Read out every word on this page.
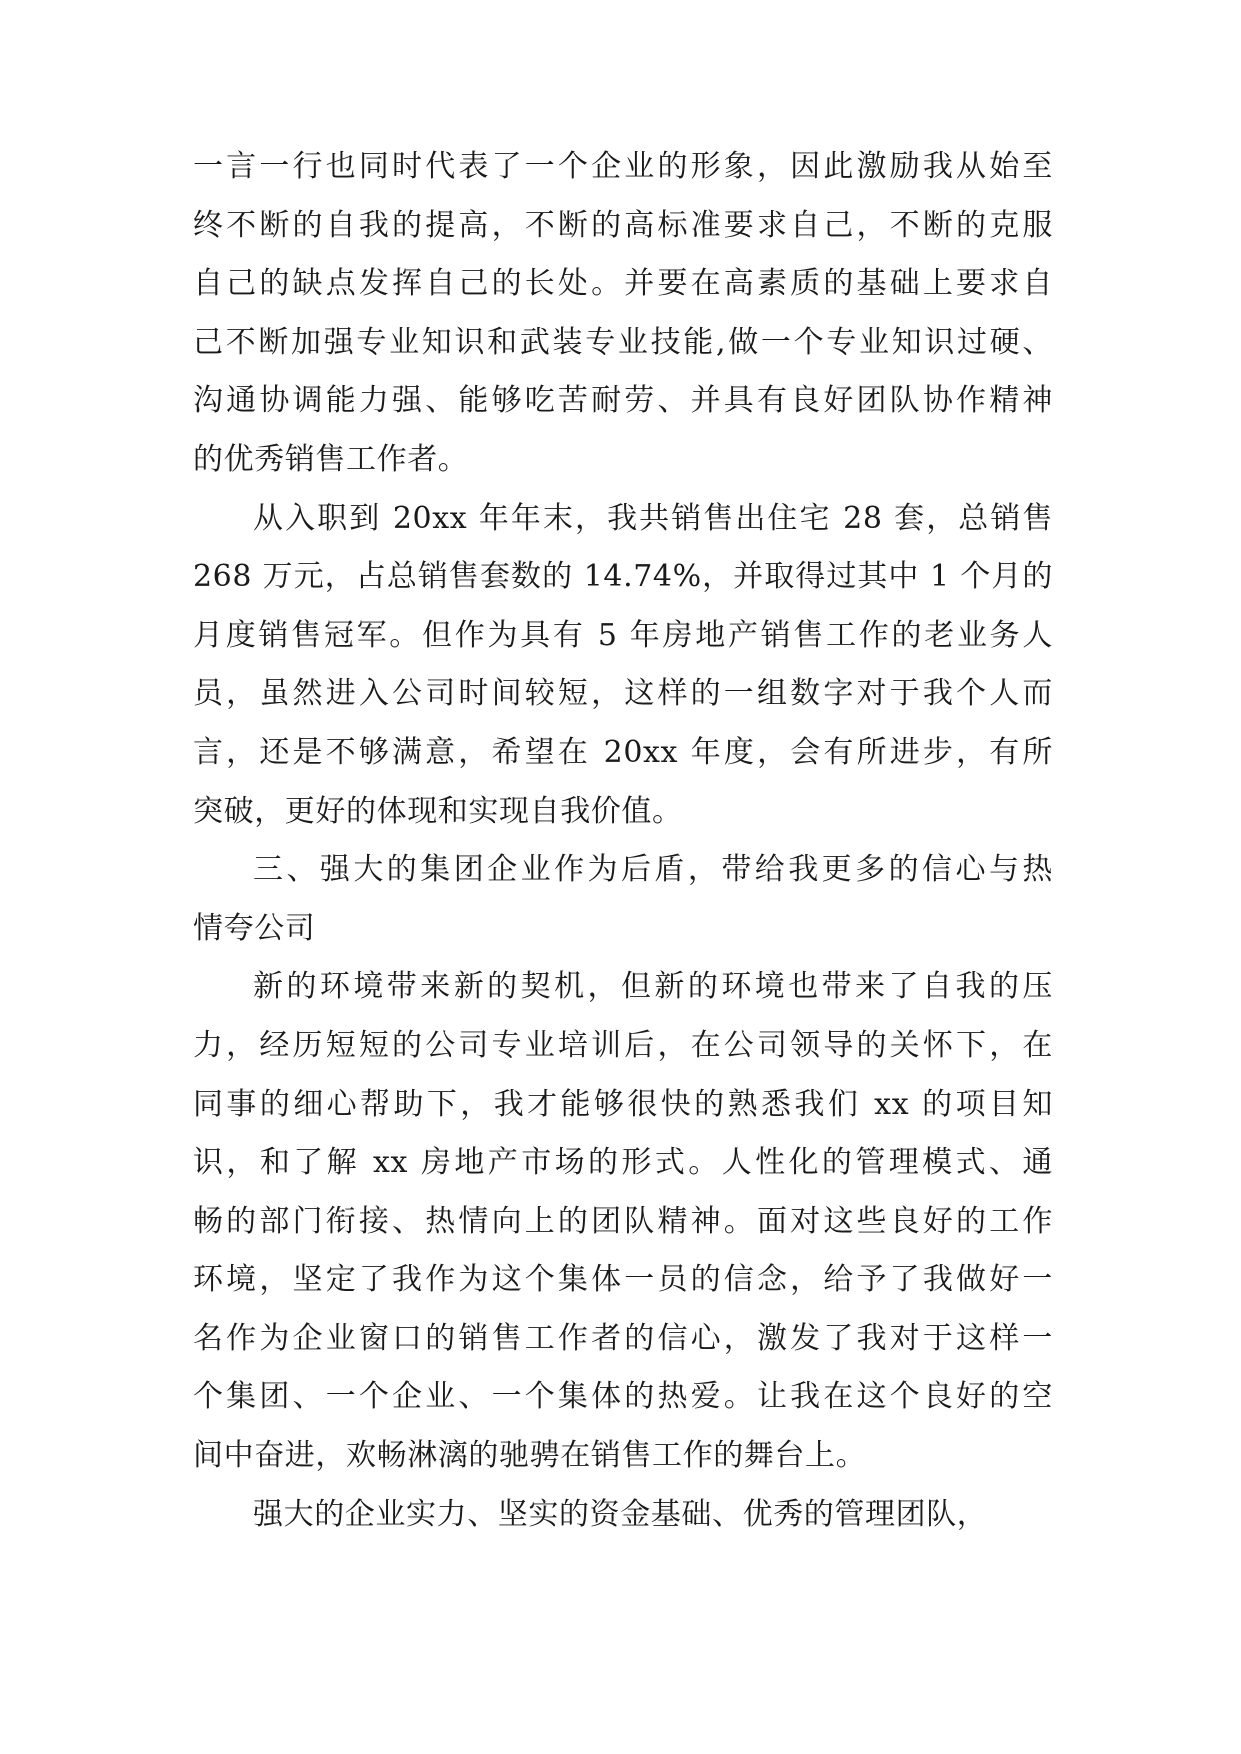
一言一行也同时代表了一个企业的形象，因此激励我从始至
终不断的自我的提高，不断的高标准要求自己，不断的克服
自己的缺点发挥自己的长处。并要在高素质的基础上要求自
己不断加强专业知识和武装专业技能,做一个专业知识过硬、
沟通协调能力强、能够吃苦耐劳、并具有良好团队协作精神
的优秀销售工作者。
从入职到 20xx 年年末，我共销售出住宅 28 套，总销售
268 万元，占总销售套数的 14.74%，并取得过其中 1 个月的
月度销售冠军。但作为具有 5 年房地产销售工作的老业务人
员，虽然进入公司时间较短，这样的一组数字对于我个人而
言，还是不够满意，希望在 20xx 年度，会有所进步，有所
突破，更好的体现和实现自我价值。
三、强大的集团企业作为后盾，带给我更多的信心与热
情夸公司
新的环境带来新的契机，但新的环境也带来了自我的压
力，经历短短的公司专业培训后，在公司领导的关怀下，在
同事的细心帮助下，我才能够很快的熟悉我们 xx 的项目知
识，和了解 xx 房地产市场的形式。人性化的管理模式、通
畅的部门衔接、热情向上的团队精神。面对这些良好的工作
环境，坚定了我作为这个集体一员的信念，给予了我做好一
名作为企业窗口的销售工作者的信心，激发了我对于这样一
个集团、一个企业、一个集体的热爱。让我在这个良好的空
间中奋进，欢畅淋漓的驰骋在销售工作的舞台上。
强大的企业实力、坚实的资金基础、优秀的管理团队，
